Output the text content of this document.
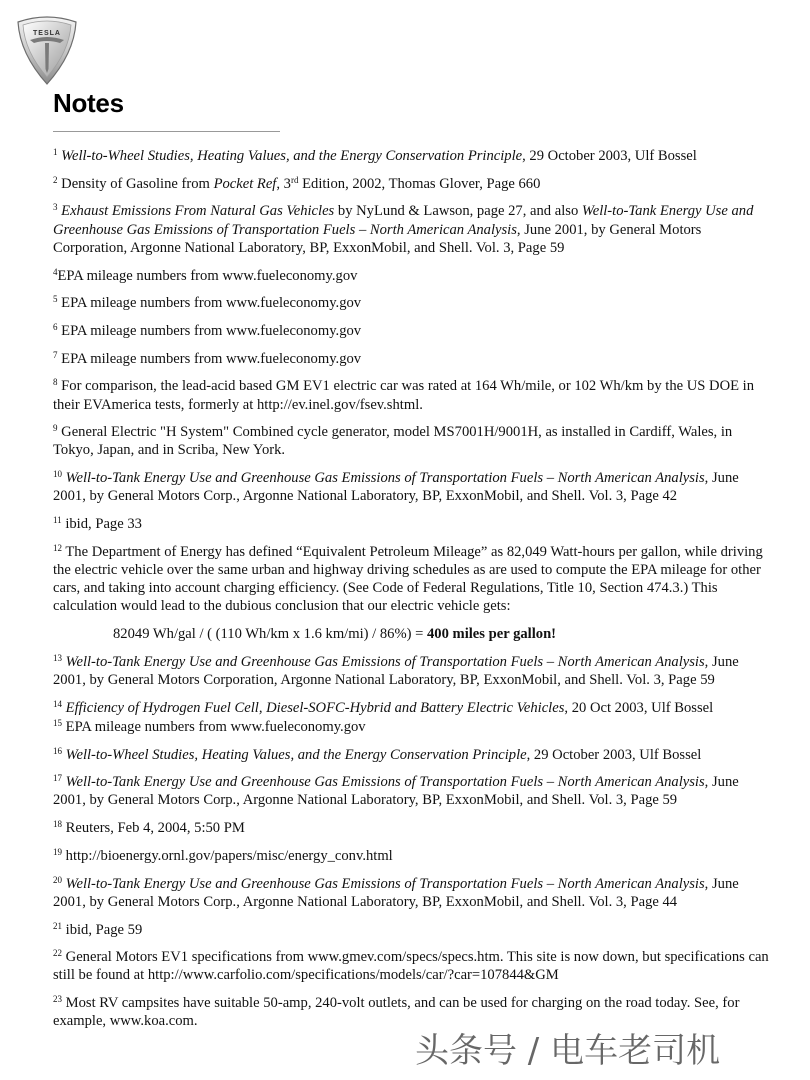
TESLA
Notes

$^1$ Well-to-Wheel Studies, Heating Values, and the Energy Conservation Principle, 29 October 2003, Ulf Bossel

$^2$ Density of Gasoline from Pocket Ref, 3rd Edition, 2002, Thomas Glover, Page 660

$^3$ Exhaust Emissions From Natural Gas Vehicles by NyLund & Lawson, page 27, and also Well-to-Tank Energy Use and Greenhouse Gas Emissions of Transportation Fuels – North American Analysis, June 2001, by General Motors Corporation, Argonne National Laboratory, BP, ExxonMobil, and Shell. Vol. 3, Page 59

$^4$EPA mileage numbers from www.fueleconomy.gov

$^5$ EPA mileage numbers from www.fueleconomy.gov

$^6$ EPA mileage numbers from www.fueleconomy.gov

$^7$ EPA mileage numbers from www.fueleconomy.gov

$^8$ For comparison, the lead-acid based GM EV1 electric car was rated at 164 Wh/mile, or 102 Wh/km by the US DOE in their EVAmerica tests, formerly at http://ev.inel.gov/fsev.shtml.

$^9$ General Electric "H System" Combined cycle generator, model MS7001H/9001H, as installed in Cardiff, Wales, in Tokyo, Japan, and in Scriba, New York.

$^{10}$ Well-to-Tank Energy Use and Greenhouse Gas Emissions of Transportation Fuels – North American Analysis, June 2001, by General Motors Corp., Argonne National Laboratory, BP, ExxonMobil, and Shell. Vol. 3, Page 42

$^{11}$ ibid, Page 33

$^{12}$ The Department of Energy has defined “Equivalent Petroleum Mileage” as 82,049 Watt-hours per gallon, while driving the electric vehicle over the same urban and highway driving schedules as are used to compute the EPA mileage for other cars, and taking into account charging efficiency. (See Code of Federal Regulations, Title 10, Section 474.3.) This calculation would lead to the dubious conclusion that our electric vehicle gets:

82049 Wh/gal / ( (110 Wh/km x 1.6 km/mi) / 86%) = 400 miles per gallon!

$^{13}$ Well-to-Tank Energy Use and Greenhouse Gas Emissions of Transportation Fuels – North American Analysis, June 2001, by General Motors Corporation, Argonne National Laboratory, BP, ExxonMobil, and Shell. Vol. 3, Page 59

$^{14}$ Efficiency of Hydrogen Fuel Cell, Diesel-SOFC-Hybrid and Battery Electric Vehicles, 20 Oct 2003, Ulf Bossel

$^{15}$ EPA mileage numbers from www.fueleconomy.gov

$^{16}$ Well-to-Wheel Studies, Heating Values, and the Energy Conservation Principle, 29 October 2003, Ulf Bossel

$^{17}$ Well-to-Tank Energy Use and Greenhouse Gas Emissions of Transportation Fuels – North American Analysis, June 2001, by General Motors Corp., Argonne National Laboratory, BP, ExxonMobil, and Shell. Vol. 3, Page 59

$^{18}$ Reuters, Feb 4, 2004, 5:50 PM

$^{19}$ http://bioenergy.ornl.gov/papers/misc/energy_conv.html

$^{20}$ Well-to-Tank Energy Use and Greenhouse Gas Emissions of Transportation Fuels – North American Analysis, June 2001, by General Motors Corp., Argonne National Laboratory, BP, ExxonMobil, and Shell. Vol. 3, Page 44

$^{21}$ ibid, Page 59

$^{22}$ General Motors EV1 specifications from www.gmev.com/specs/specs.htm. This site is now down, but specifications can still be found at http://www.carfolio.com/specifications/models/car/?car=107844&GM

$^{23}$ Most RV campsites have suitable 50-amp, 240-volt outlets, and can be used for charging on the road today. See, for example, www.koa.com.

头条号 / 电车老司机
